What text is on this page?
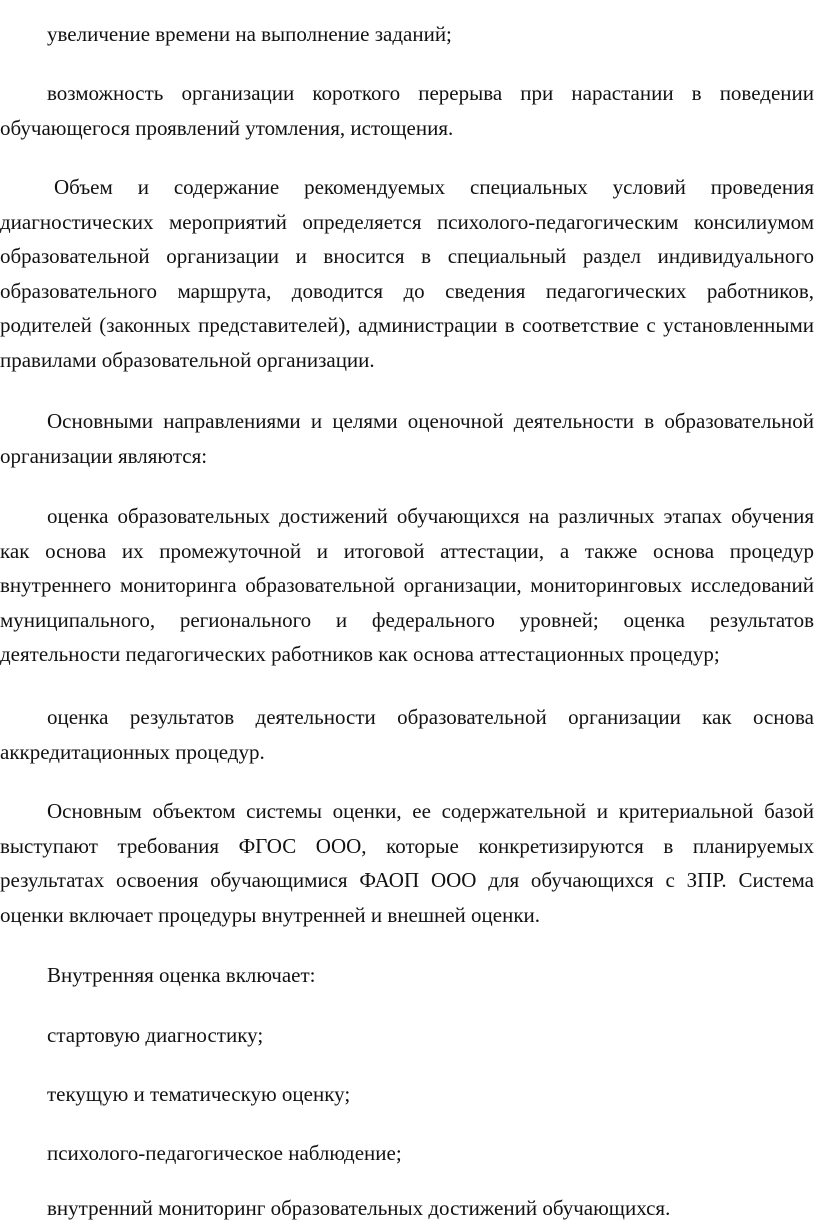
увеличение времени на выполнение заданий;

возможность организации короткого перерыва при нарастании в поведении обучающегося проявлений утомления, истощения.

Объем и содержание рекомендуемых специальных условий проведения диагностических мероприятий определяется психолого-педагогическим консилиумом образовательной организации и вносится в специальный раздел индивидуального образовательного маршрута, доводится до сведения педагогических работников, родителей (законных представителей), администрации в соответствие с установленными правилами образовательной организации.

Основными направлениями и целями оценочной деятельности в образовательной организации являются:

оценка образовательных достижений обучающихся на различных этапах обучения как основа их промежуточной и итоговой аттестации, а также основа процедур внутреннего мониторинга образовательной организации, мониторинговых исследований муниципального, регионального и федерального уровней; оценка результатов деятельности педагогических работников как основа аттестационных процедур;

оценка результатов деятельности образовательной организации как основа аккредитационных процедур.

Основным объектом системы оценки, ее содержательной и критериальной базой выступают требования ФГОС ООО, которые конкретизируются в планируемых результатах освоения обучающимися ФАОП ООО для обучающихся с ЗПР. Система оценки включает процедуры внутренней и внешней оценки.

Внутренняя оценка включает:

стартовую диагностику;

текущую и тематическую оценку;

психолого-педагогическое наблюдение;

внутренний мониторинг образовательных достижений обучающихся.
